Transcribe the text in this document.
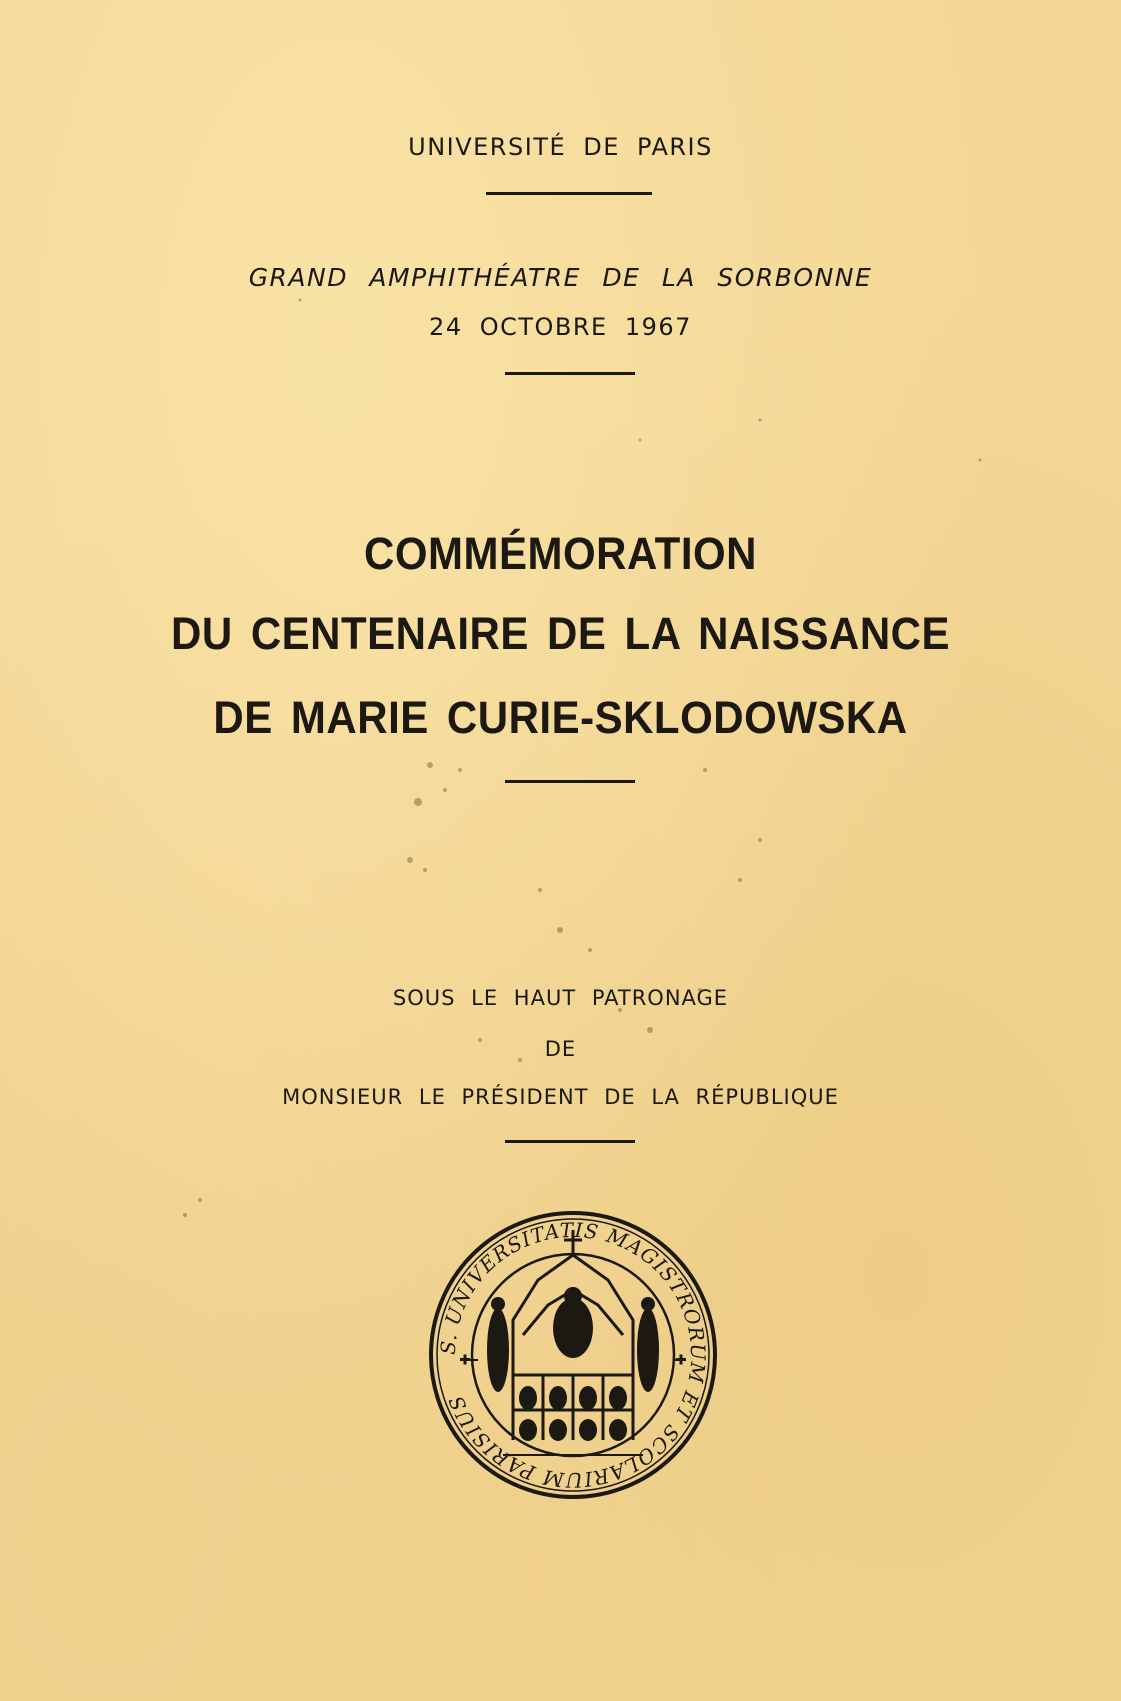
UNIVERSITÉ DE PARIS
GRAND AMPHITHÉATRE DE LA SORBONNE
24 OCTOBRE 1967
COMMÉMORATION
DU CENTENAIRE DE LA NAISSANCE
DE MARIE CURIE-SKLODOWSKA
SOUS LE HAUT PATRONAGE
DE
MONSIEUR LE PRÉSIDENT DE LA RÉPUBLIQUE
S. UNIVERSITATIS MAGISTRORUM ET SCOLARIUM PARISIUS
